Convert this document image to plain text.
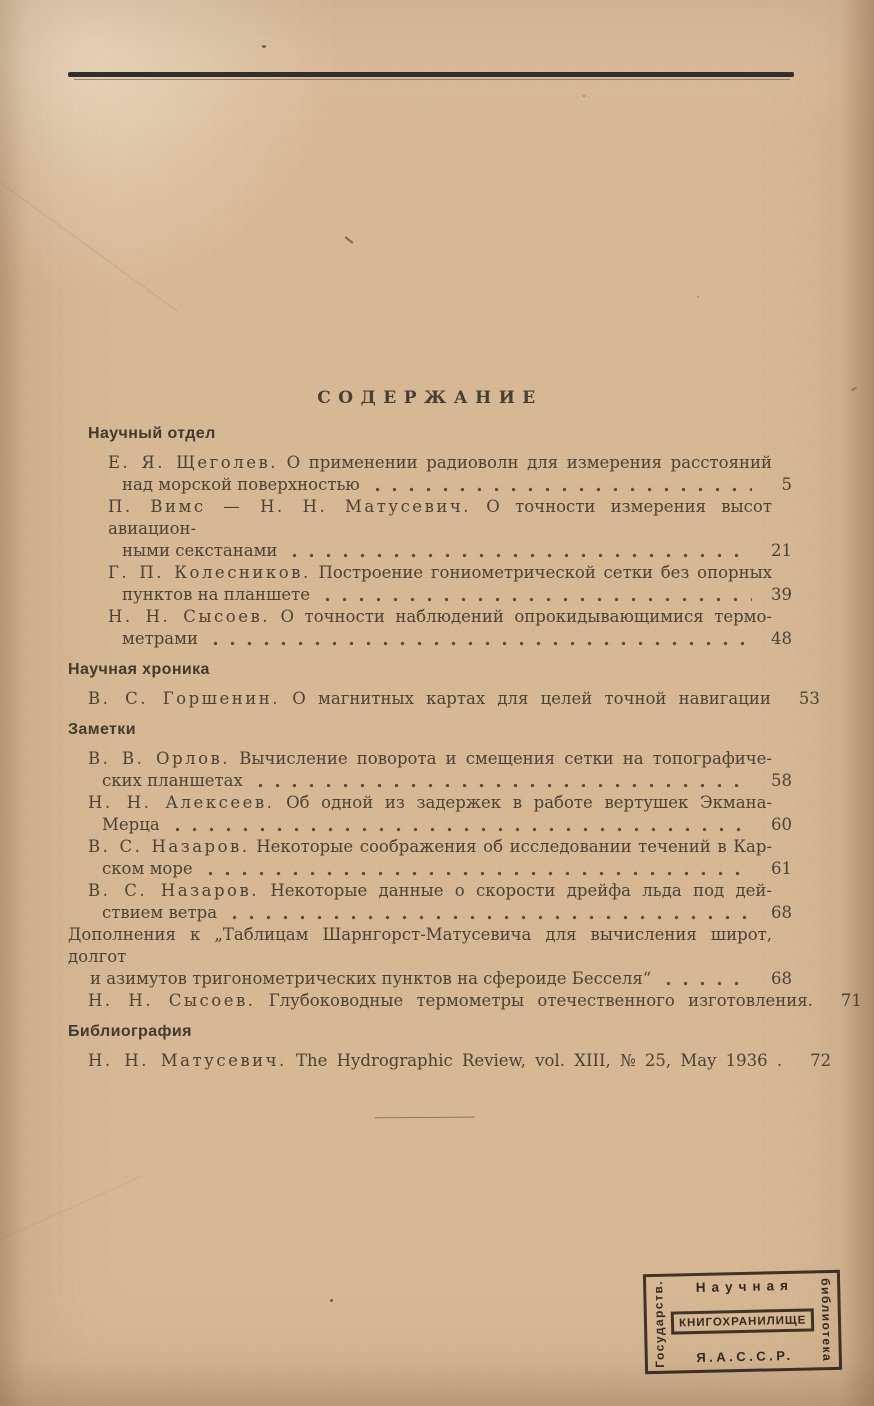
СОДЕРЖАНИЕ
Научный отдел
Е. Я. Щеголев. О применении радиоволн для измерения расстояний
над морской поверхностью	5
П. Вимс — Н. Н. Матусевич. О точности измерения высот авиацион-
ными секстанами	21
Г. П. Колесников. Построение гониометрической сетки без опорных
пунктов на планшете	39
Н. Н. Сысоев. О точности наблюдений опрокидывающимися термо-
метрами	48
Научная хроника
В. С. Горшенин. О магнитных картах для целей точной навигации	53
Заметки
В. В. Орлов. Вычисление поворота и смещения сетки на топографиче-
ских планшетах	58
Н. Н. Алексеев. Об одной из задержек в работе вертушек Экмана-
Мерца	60
В. С. Назаров. Некоторые соображения об исследовании течений в Кар-
ском море	61
В. С. Назаров. Некоторые данные о скорости дрейфа льда под дей-
ствием ветра	68
Дополнения к „Таблицам Шарнгорст-Матусевича для вычисления широт, долгот
и азимутов тригонометрических пунктов на сфероиде Бесселя“	68
Н. Н. Сысоев. Глубоководные термометры отечественного изготовления.	71
Библиография
Н. Н. Матусевич. The Hydrographic Review, vol. XIII, № 25, May 1936 .	72
Государств.	Научная
КНИГОХРАНИЛИЩЕ
Я.А.С.С.Р. библиотека
